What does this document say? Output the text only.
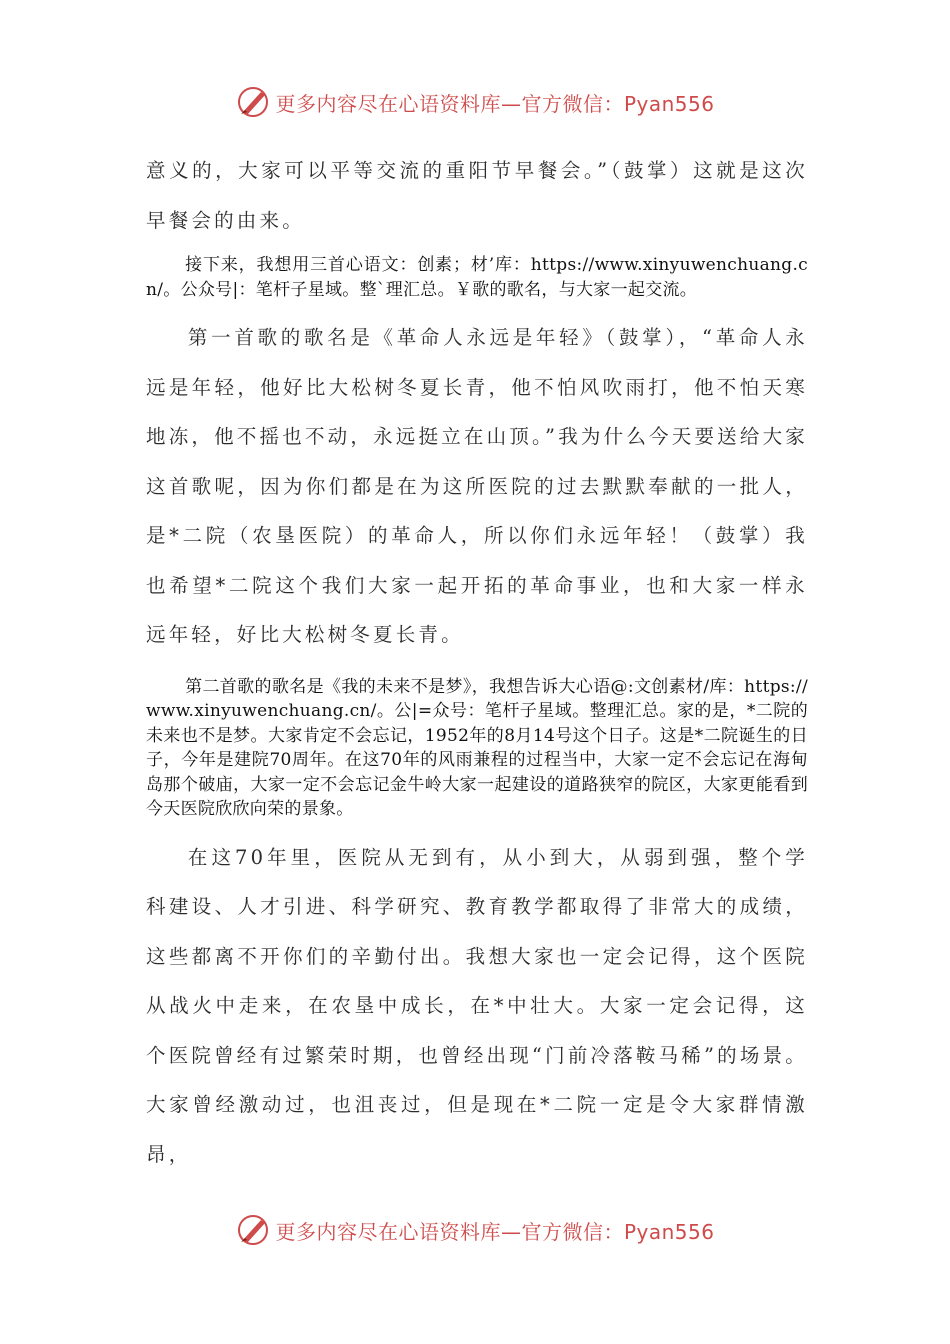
更多内容尽在心语资料库—官方微信：Pyan556

意义的，大家可以平等交流的重阳节早餐会。”（鼓掌）这就是这次早餐会的由来。

接下来，我想用三首心语文：创素；材’库：https://www.xinyuwenchuang.cn/。公众号|：笔杆子星域。整`理汇总。￥歌的歌名，与大家一起交流。

第一首歌的歌名是《革命人永远是年轻》（鼓掌），“革命人永远是年轻，他好比大松树冬夏长青，他不怕风吹雨打，他不怕天寒地冻，他不摇也不动，永远挺立在山顶。”我为什么今天要送给大家这首歌呢，因为你们都是在为这所医院的过去默默奉献的一批人，是*二院（农垦医院）的革命人，所以你们永远年轻！（鼓掌）我也希望*二院这个我们大家一起开拓的革命事业，也和大家一样永远年轻，好比大松树冬夏长青。

第二首歌的歌名是《我的未来不是梦》，我想告诉大心语@:文创素材/库：https://www.xinyuwenchuang.cn/。公|=众号：笔杆子星域。整理汇总。家的是，*二院的未来也不是梦。大家肯定不会忘记，1952年的8月14号这个日子。这是*二院诞生的日子，今年是建院70周年。在这70年的风雨兼程的过程当中，大家一定不会忘记在海甸岛那个破庙，大家一定不会忘记金牛岭大家一起建设的道路狭窄的院区，大家更能看到今天医院欣欣向荣的景象。

在这70年里，医院从无到有，从小到大，从弱到强，整个学科建设、人才引进、科学研究、教育教学都取得了非常大的成绩，这些都离不开你们的辛勤付出。我想大家也一定会记得，这个医院从战火中走来，在农垦中成长，在*中壮大。大家一定会记得，这个医院曾经有过繁荣时期，也曾经出现“门前冷落鞍马稀”的场景。大家曾经激动过，也沮丧过，但是现在*二院一定是令大家群情激昂，

更多内容尽在心语资料库—官方微信：Pyan556
